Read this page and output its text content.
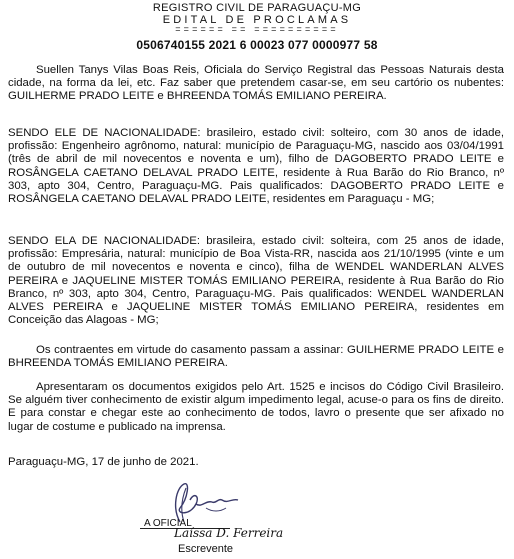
REGISTRO CIVIL DE PARAGUAÇU-MG
EDITAL DE PROCLAMAS
====== == ==========
0506740155 2021 6 00023 077 0000977 58
Suellen Tanys Vilas Boas Reis, Oficiala do Serviço Registral das Pessoas Naturais desta cidade, na forma da lei, etc. Faz saber que pretendem casar-se, em seu cartório os nubentes: GUILHERME PRADO LEITE e BHREENDA TOMÁS EMILIANO PEREIRA.
SENDO ELE DE NACIONALIDADE: brasileiro, estado civil: solteiro, com 30 anos de idade, profissão: Engenheiro agrônomo, natural: município de Paraguaçu-MG, nascido aos 03/04/1991 (três de abril de mil novecentos e noventa e um), filho de DAGOBERTO PRADO LEITE e ROSÂNGELA CAETANO DELAVAL PRADO LEITE, residente à Rua Barão do Rio Branco, nº 303, apto 304, Centro, Paraguaçu-MG. Pais qualificados: DAGOBERTO PRADO LEITE e ROSÂNGELA CAETANO DELAVAL PRADO LEITE, residentes em Paraguaçu - MG;
SENDO ELA DE NACIONALIDADE: brasileira, estado civil: solteira, com 25 anos de idade, profissão: Empresária, natural: município de Boa Vista-RR, nascida aos 21/10/1995 (vinte e um de outubro de mil novecentos e noventa e cinco), filha de WENDEL WANDERLAN ALVES PEREIRA e JAQUELINE MISTER TOMÁS EMILIANO PEREIRA, residente à Rua Barão do Rio Branco, nº 303, apto 304, Centro, Paraguaçu-MG. Pais qualificados: WENDEL WANDERLAN ALVES PEREIRA e JAQUELINE MISTER TOMÁS EMILIANO PEREIRA, residentes em Conceição das Alagoas - MG;
Os contraentes em virtude do casamento passam a assinar: GUILHERME PRADO LEITE e BHREENDA TOMÁS EMILIANO PEREIRA.
Apresentaram os documentos exigidos pelo Art. 1525 e incisos do Código Civil Brasileiro. Se alguém tiver conhecimento de existir algum impedimento legal, acuse-o para os fins de direito. E para constar e chegar este ao conhecimento de todos, lavro o presente que ser afixado no lugar de costume e publicado na imprensa.
Paraguaçu-MG, 17 de junho de 2021.
A OFICIAL
Laíssa D. Ferreira
Escrevente
